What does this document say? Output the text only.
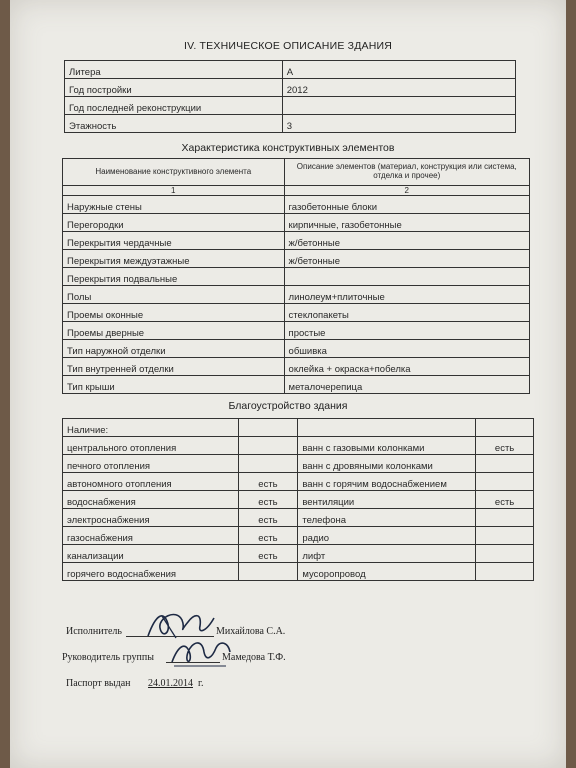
IV. ТЕХНИЧЕСКОЕ ОПИСАНИЕ ЗДАНИЯ
Литера	А
Год постройки	2012
Год последней реконструкции	
Этажность	3
Характеристика конструктивных элементов
Наименование конструктивного элемента	Описание элементов (материал, конструкция или система, отделка и прочее)
1	2
Наружные стены	газобетонные блоки
Перегородки	кирпичные, газобетонные
Перекрытия чердачные	ж/бетонные
Перекрытия междуэтажные	ж/бетонные
Перекрытия подвальные	
Полы	линолеум+плиточные
Проемы оконные	стеклопакеты
Проемы дверные	простые
Тип наружной отделки	обшивка
Тип внутренней отделки	оклейка + окраска+побелка
Тип крыши	металочерепица
Благоустройство здания
Наличие:			
центрального отопления		ванн с газовыми колонками	есть
печного отопления		ванн с дровяными колонками	
автономного отопления	есть	ванн с горячим водоснабжением	
водоснабжения	есть	вентиляции	есть
электроснабжения	есть	телефона	
газоснабжения	есть	радио	
канализации	есть	лифт	
горячего водоснабжения		мусоропровод	
Исполнитель	Михайлова С.А.
Руководитель группы	Мамедова Т.Ф.
Паспорт выдан 24.01.2014 г.
